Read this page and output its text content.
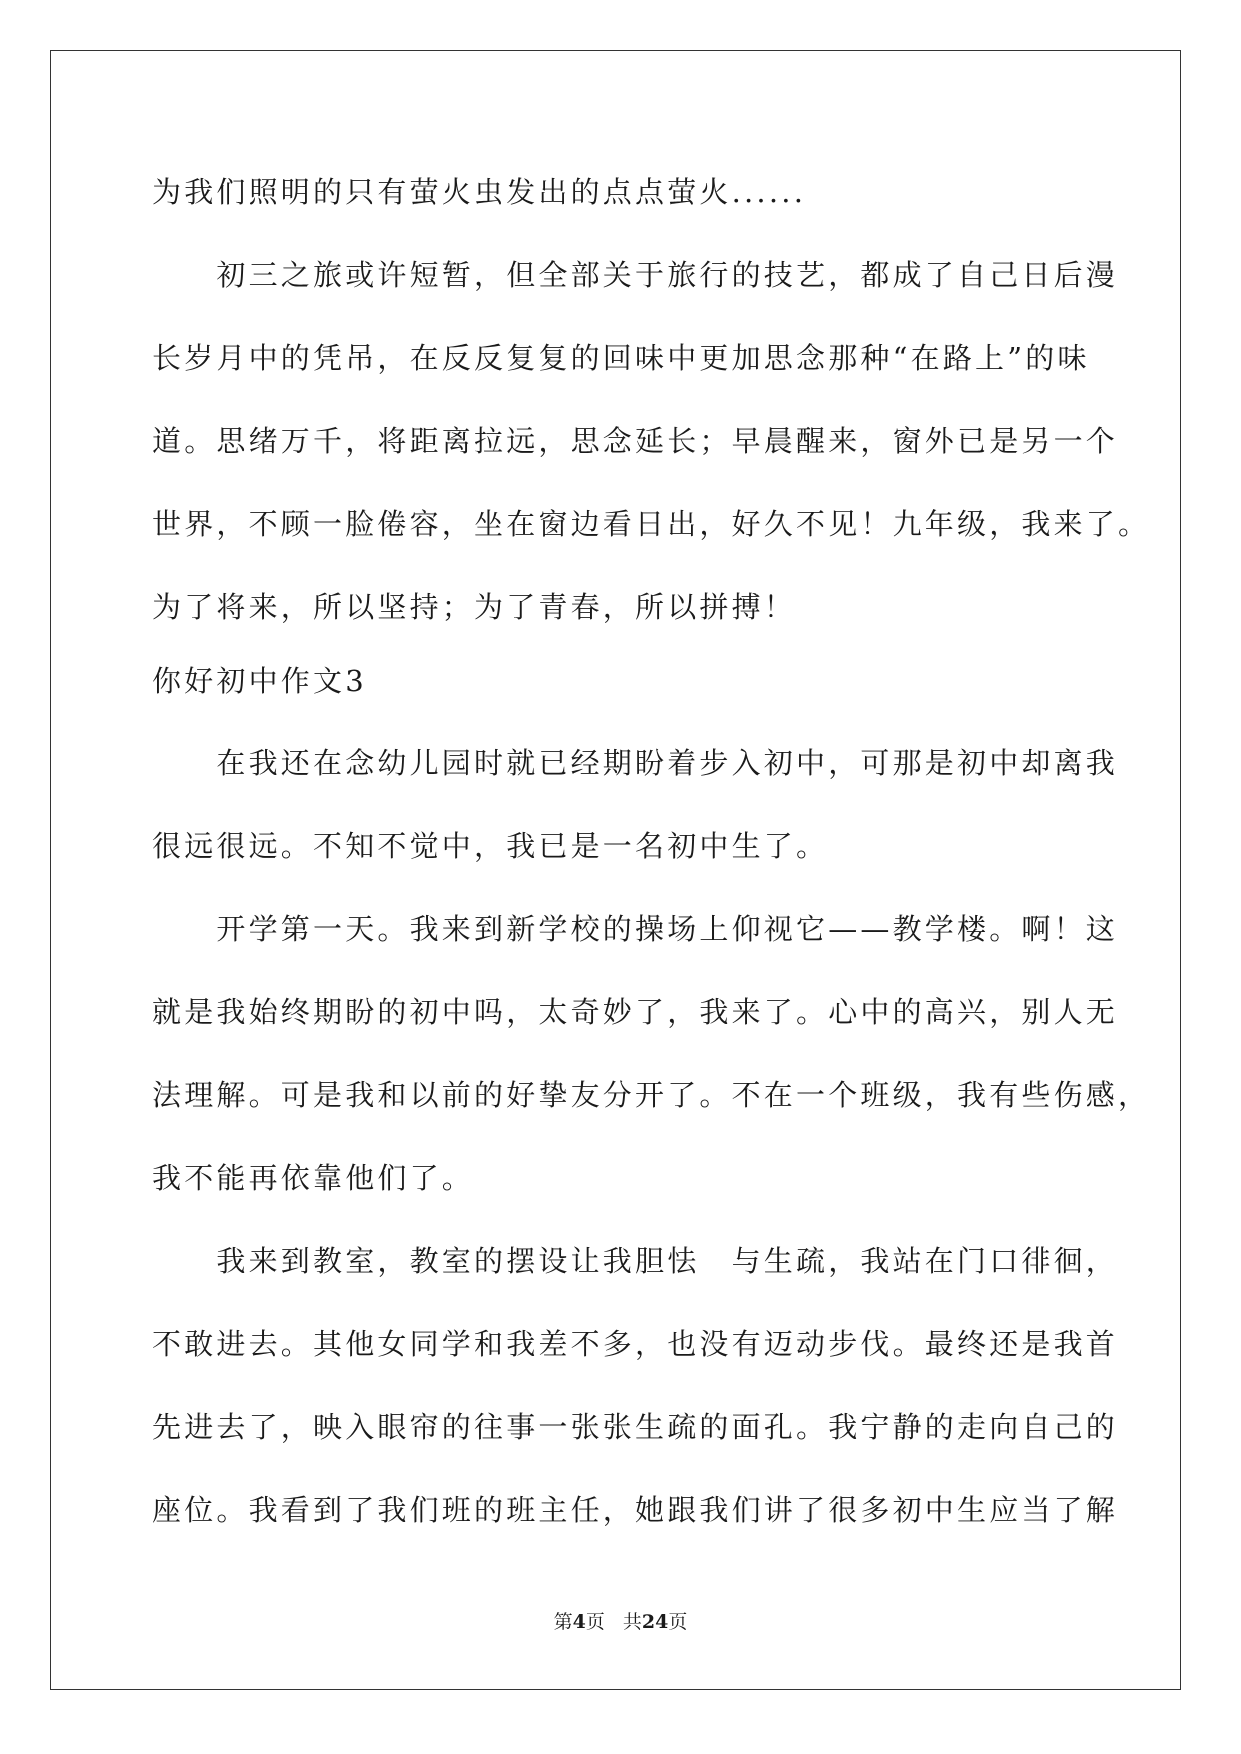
为我们照明的只有萤火虫发出的点点萤火......
　　初三之旅或许短暂，但全部关于旅行的技艺，都成了自己日后漫
长岁月中的凭吊，在反反复复的回味中更加思念那种“在路上”的味
道。思绪万千，将距离拉远，思念延长；早晨醒来，窗外已是另一个
世界，不顾一脸倦容，坐在窗边看日出，好久不见！九年级，我来了。
为了将来，所以坚持；为了青春，所以拼搏！
你好初中作文3
　　在我还在念幼儿园时就已经期盼着步入初中，可那是初中却离我
很远很远。不知不觉中，我已是一名初中生了。
　　开学第一天。我来到新学校的操场上仰视它——教学楼。啊！这
就是我始终期盼的初中吗，太奇妙了，我来了。心中的高兴，别人无
法理解。可是我和以前的好挚友分开了。不在一个班级，我有些伤感，
我不能再依靠他们了。
　　我来到教室，教室的摆设让我胆怯　与生疏，我站在门口徘徊，
不敢进去。其他女同学和我差不多，也没有迈动步伐。最终还是我首
先进去了，映入眼帘的往事一张张生疏的面孔。我宁静的走向自己的
座位。我看到了我们班的班主任，她跟我们讲了很多初中生应当了解
第4页 共24页
